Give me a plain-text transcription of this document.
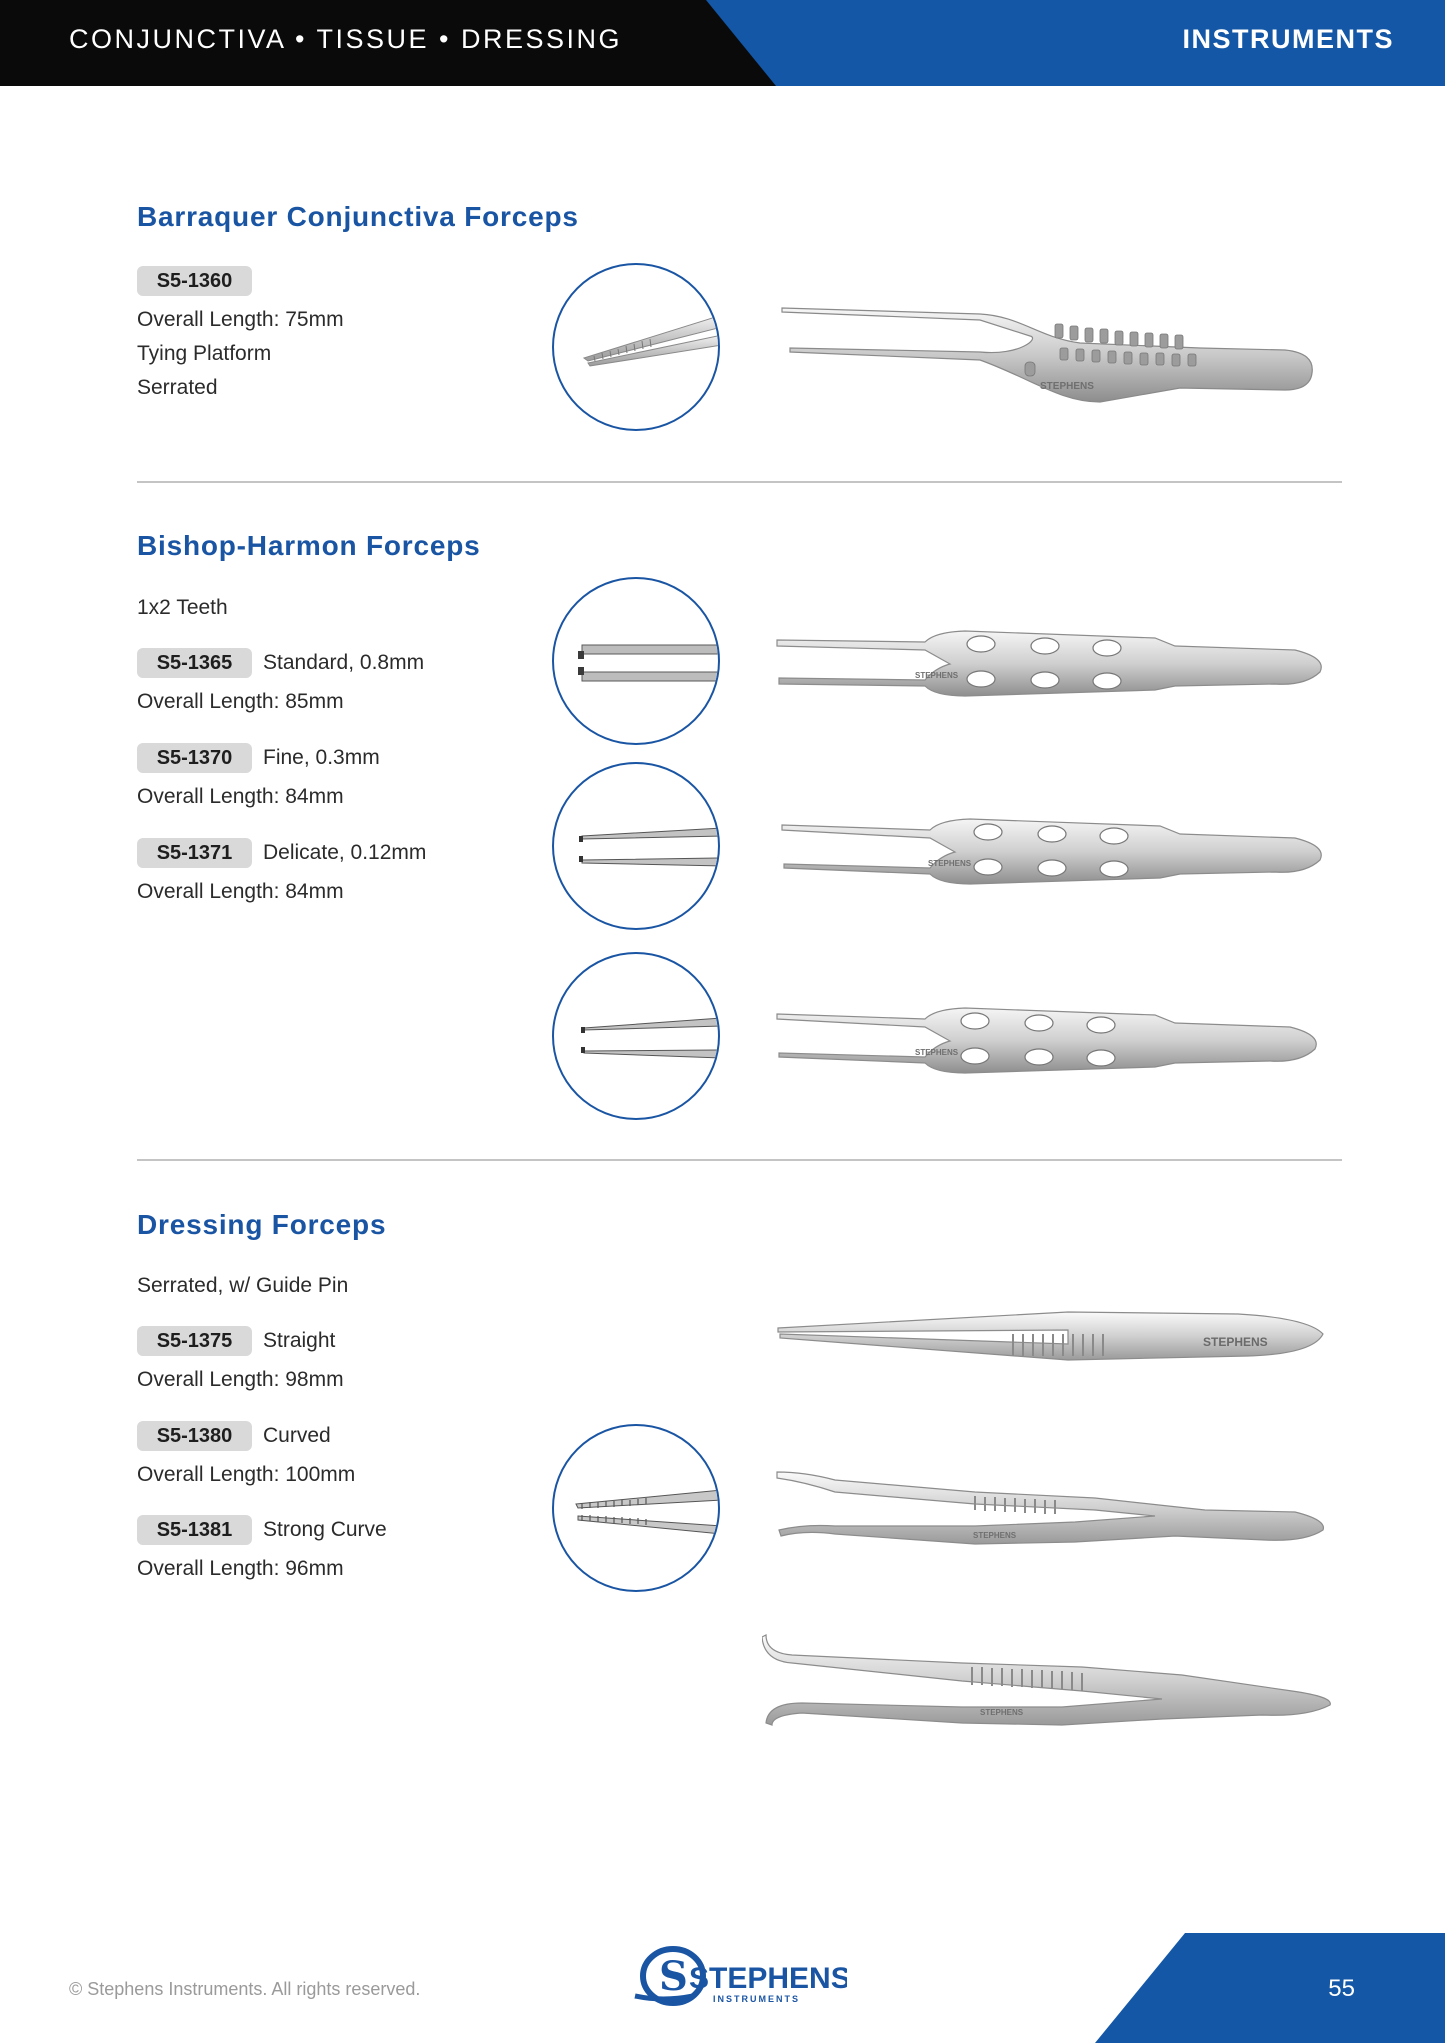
CONJUNCTIVA • TISSUE • DRESSING	INSTRUMENTS
Barraquer Conjunctiva Forceps
S5-1360
Overall Length: 75mm
Tying Platform
Serrated	STEPHENS
Bishop-Harmon Forceps
1x2 Teeth
S5-1365	Standard, 0.8mm
Overall Length: 85mm
S5-1370	Fine, 0.3mm
Overall Length: 84mm
S5-1371	Delicate, 0.12mm
Overall Length: 84mm
STEPHENS
STEPHENS
STEPHENS
Dressing Forceps
Serrated, w/ Guide Pin
S5-1375	Straight
Overall Length: 98mm
S5-1380	Curved
Overall Length: 100mm
S5-1381	Strong Curve
Overall Length: 96mm
STEPHENS
STEPHENS
STEPHENS
© Stephens Instruments. All rights reserved.	S STEPHENS
INSTRUMENTS	55
